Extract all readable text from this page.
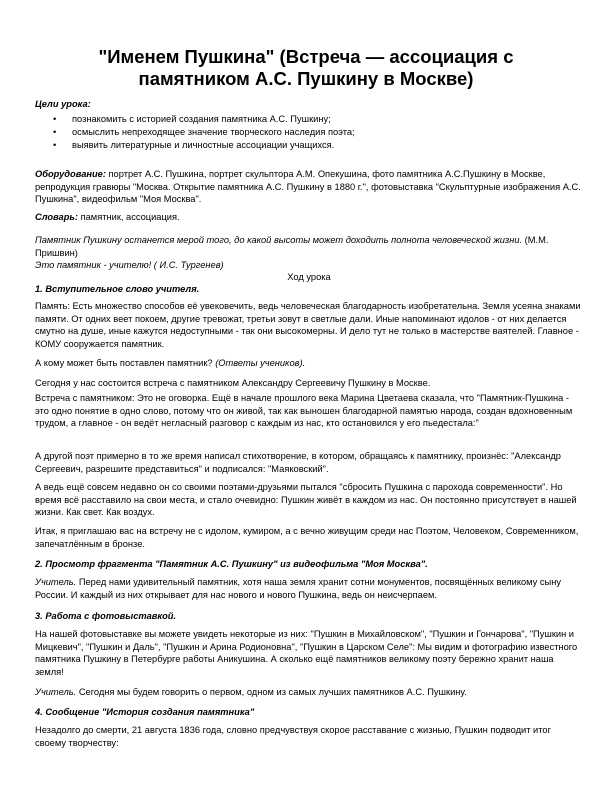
"Именем Пушкина" (Встреча — ассоциация с памятником А.С. Пушкину в Москве)

Цели урока:

• познакомить с историей создания памятника А.С. Пушкину;
• осмыслить непреходящее значение творческого наследия поэта;
• выявить литературные и личностные ассоциации учащихся.

Оборудование: портрет А.С. Пушкина, портрет скульптора А.М. Опекушина, фото памятника А.С.Пушкину в Москве, репродукция гравюры "Москва. Открытие памятника А.С. Пушкину в 1880 г.", фотовыставка "Скульптурные изображения А.С. Пушкина", видеофильм "Моя Москва".

Словарь: памятник, ассоциация.

Памятник Пушкину останется мерой того, до какой высоты может доходить полнота человеческой жизни. (М.М. Пришвин)
Это памятник - учителю! ( И.С. Тургенев)

Ход урока

1. Вступительное слово учителя.

Память: Есть множество способов её увековечить, ведь человеческая благодарность изобретательна. Земля усеяна знаками памяти. От одних веет покоем, другие тревожат, третьи зовут в светлые дали. Иные напоминают идолов - от них делается смутно на душе, иные кажутся недоступными - так они высокомерны. И дело тут не только в мастерстве ваятелей. Главное - КОМУ сооружается памятник.

А кому может быть поставлен памятник? (Ответы учеников).

Сегодня у нас состоится встреча с памятником Александру Сергеевичу Пушкину в Москве.

Встреча с памятником: Это не оговорка. Ещё в начале прошлого века Марина Цветаева сказала, что "Памятник-Пушкина - это одно понятие в одно слово, потому что он живой, так как выношен благодарной памятью народа, создан вдохновенным трудом, а главное - он ведёт негласный разговор с каждым из нас, кто остановился у его пьедестала:"

А другой поэт примерно в то же время написал стихотворение, в котором, обращаясь к памятнику, произнёс: "Александр Сергеевич, разрешите представиться" и подписался: "Маяковский".

А ведь ещё совсем недавно он со своими поэтами-друзьями пытался "сбросить Пушкина с парохода современности". Но время всё расставило на свои места, и стало очевидно: Пушкин живёт в каждом из нас. Он постоянно присутствует в нашей жизни. Как свет. Как воздух.

Итак, я приглашаю вас на встречу не с идолом, кумиром, а с вечно живущим среди нас Поэтом, Человеком, Современником, запечатлённым в бронзе.

2. Просмотр фрагмента "Памятник А.С. Пушкину" из видеофильма "Моя Москва".

Учитель. Перед нами удивительный памятник, хотя наша земля хранит сотни монументов, посвящённых великому сыну России. И каждый из них открывает для нас нового и нового Пушкина, ведь он неисчерпаем.

3. Работа с фотовыставкой.

На нашей фотовыставке вы можете увидеть некоторые из них: "Пушкин в Михайловском", "Пушкин и Гончарова", "Пушкин и Мицкевич", "Пушкин и Даль", "Пушкин и Арина Родионовна", "Пушкин в Царском Селе": Мы видим и фотографию известного памятника Пушкину в Петербурге работы Аникушина. А сколько ещё памятников великому поэту бережно хранит наша земля!

Учитель. Сегодня мы будем говорить о первом, одном из самых лучших памятников А.С. Пушкину.

4. Сообщение "История создания памятника"

Незадолго до смерти, 21 августа 1836 года, словно предчувствуя скорое расставание с жизнью, Пушкин подводит итог своему творчеству:
